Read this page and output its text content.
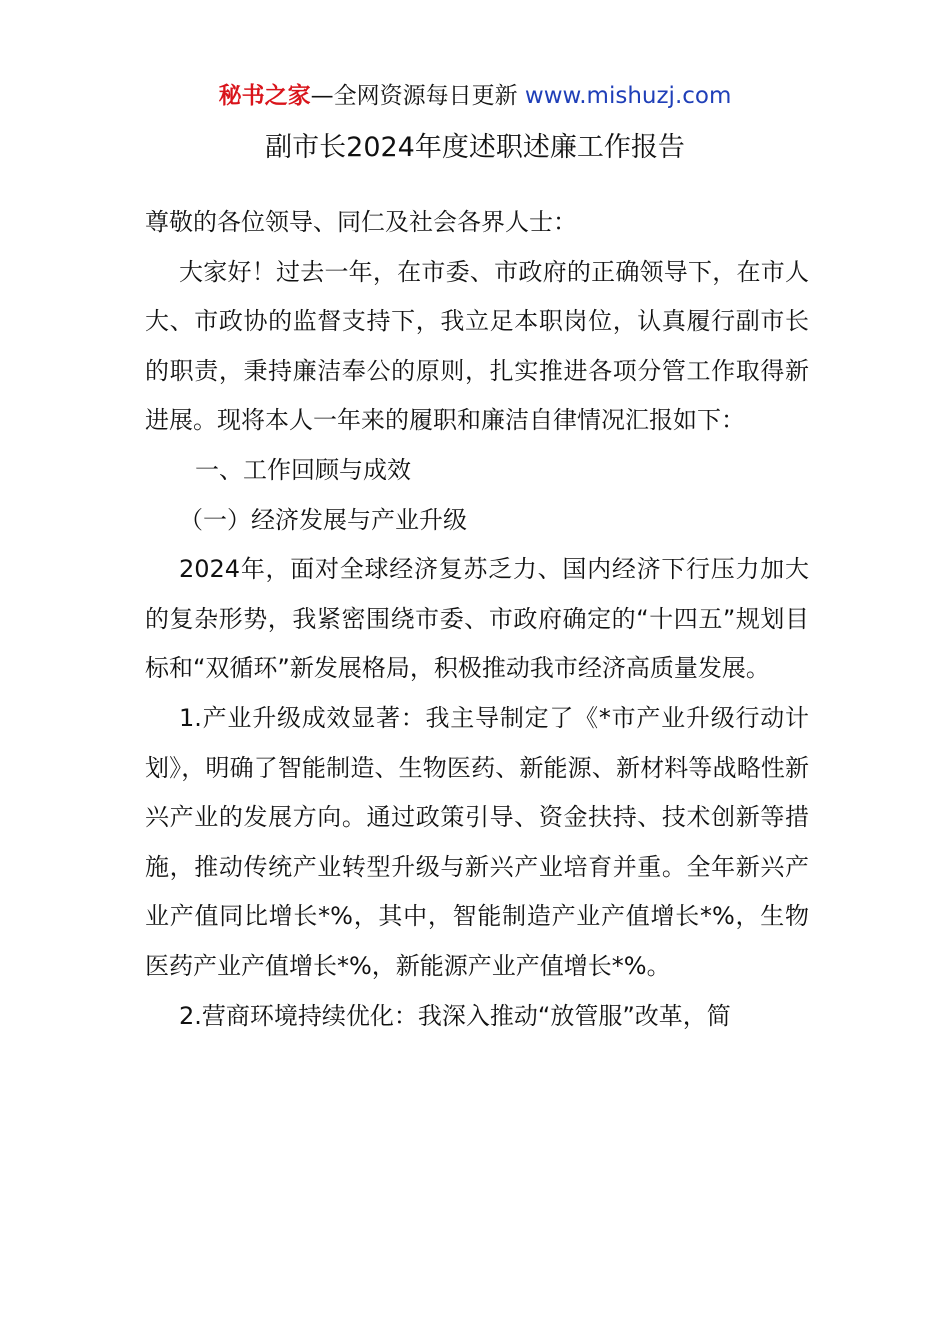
秘书之家—全网资源每日更新 www.mishuzj.com
副市长2024年度述职述廉工作报告

尊敬的各位领导、同仁及社会各界人士：

大家好！过去一年，在市委、市政府的正确领导下，在市人大、市政协的监督支持下，我立足本职岗位，认真履行副市长的职责，秉持廉洁奉公的原则，扎实推进各项分管工作取得新进展。现将本人一年来的履职和廉洁自律情况汇报如下：

一、工作回顾与成效

（一）经济发展与产业升级

2024年，面对全球经济复苏乏力、国内经济下行压力加大的复杂形势，我紧密围绕市委、市政府确定的“十四五”规划目标和“双循环”新发展格局，积极推动我市经济高质量发展。

1.产业升级成效显著：我主导制定了《*市产业升级行动计划》，明确了智能制造、生物医药、新能源、新材料等战略性新兴产业的发展方向。通过政策引导、资金扶持、技术创新等措施，推动传统产业转型升级与新兴产业培育并重。全年新兴产业产值同比增长*%，其中，智能制造产业产值增长*%，生物医药产业产值增长*%，新能源产业产值增长*%。

2.营商环境持续优化：我深入推动“放管服”改革，简
